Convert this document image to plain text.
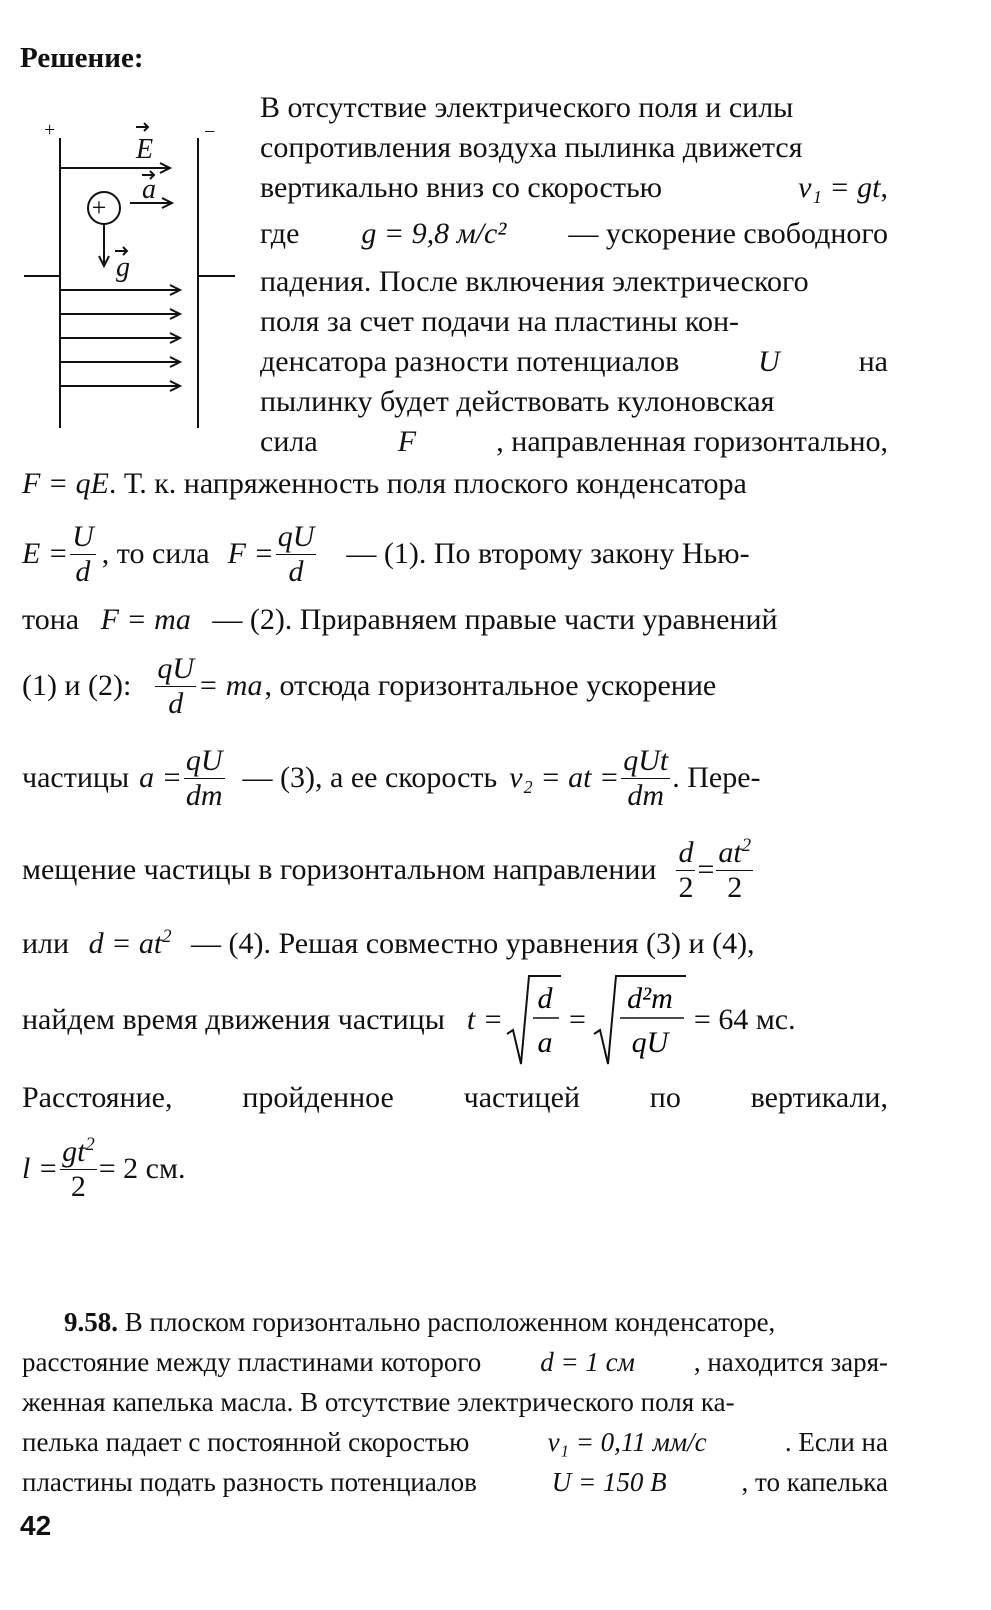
Решение:
+
+	−
E
a
g
В отсутствие электрического поля и силы
сопротивления воздуха пылинка движется
вертикально вниз со скоростью	v₁ = gt,
где g = 9,8 м/с² — ускорение свободного
падения. После включения электрического
поля за счет подачи на пластины кон-
денсатора разности потенциалов	U	на
пылинку будет действовать кулоновская
сила	F	, направленная горизонтально,
F = qE. Т. к. напряженность поля плоского конденсатора
$E = \frac{U}{d}$ , то сила $F = \frac{qU}{d}$ — (1). По второму закону Нью-
тона F = ma — (2). Приравняем правые части уравнений
(1) и (2): $\frac{qU}{d}$ = ma , отсюда горизонтальное ускорение
частицы $a = \frac{qU}{dm}$ — (3), а ее скорость v₂ = at = $\frac{\text{qUt}}{dm}$ . Пере-
мещение частицы в горизонтальном направлении $\frac{d}{2} = \frac{at^2}{2}$
или $d = at^2$ — (4). Решая совместно уравнения (3) и (4),
найдем время движения частицы t =
d
a
=
d²m
qU
= 64 мс.
Расстояние, пройденное частицей по вертикали,
$l = \frac{gt^2}{2} = 2$ см.
9.58. В плоском горизонтально расположенном конденсаторе,
расстояние между пластинами которого d = 1 см , находится заря-
женная капелька масла. В отсутствие электрического поля ка-
пелька падает с постоянной скоростью	v₁ = 0,11 мм/с	. Если на
пластины подать разность потенциалов	U = 150 В	, то капелька
42
